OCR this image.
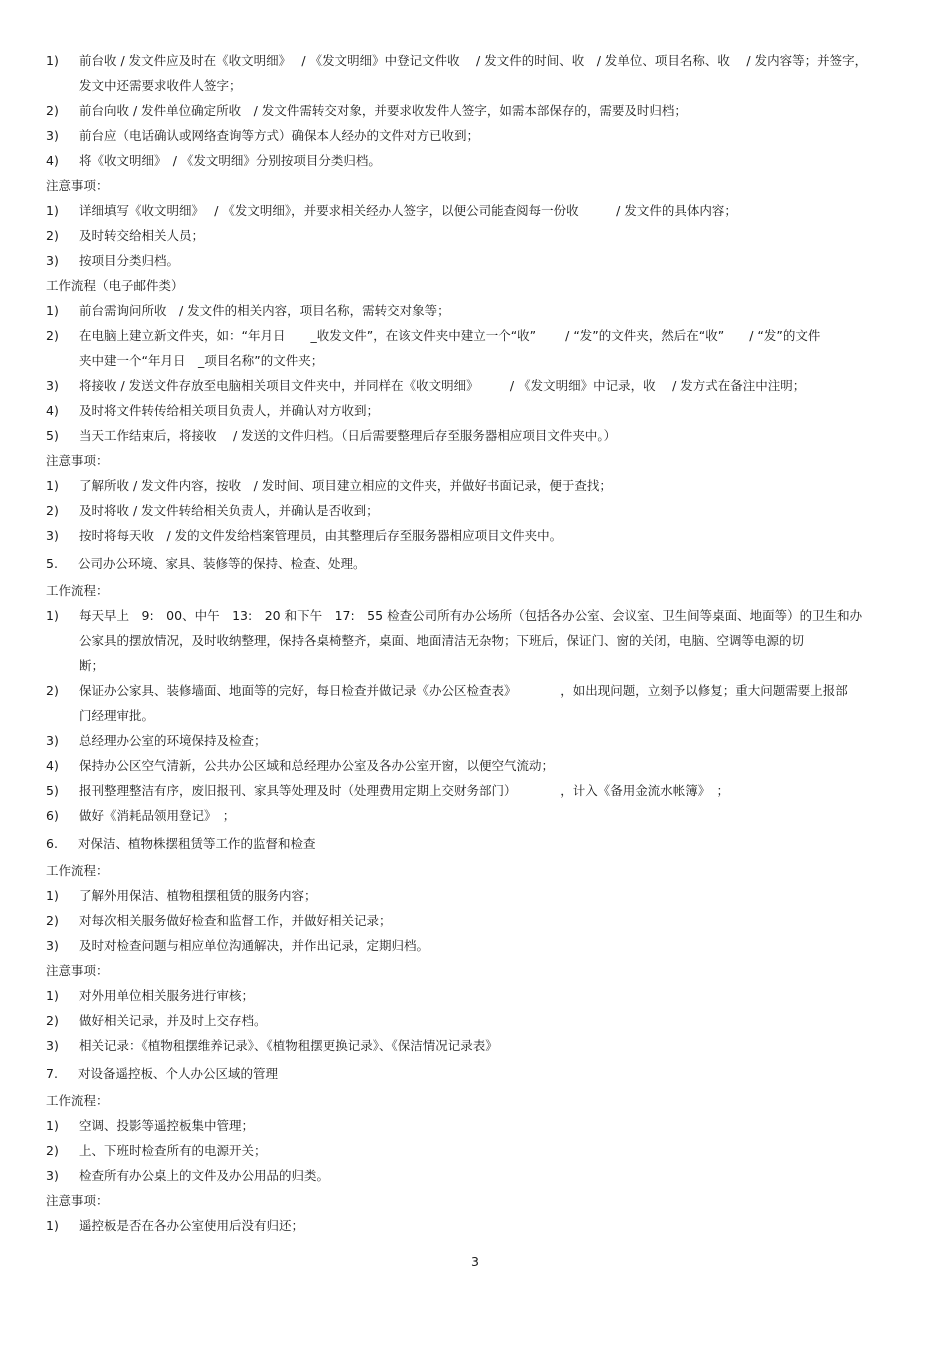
1) 前台收 / 发文件应及时在《收文明细》　 / 《发文明细》中登记文件收　 / 发文件的时间、收　/ 发单位、项目名称、收　 / 发内容等；并签字，
发文中还需要求收件人签字；
2) 前台向收 / 发件单位确定所收　/ 发文件需转交对象，并要求收发件人签字，如需本部保存的，需要及时归档；
3) 前台应（电话确认或网络查询等方式）确保本人经办的文件对方已收到；
4) 将《收文明细》　/ 《发文明细》分别按项目分类归档。
注意事项：
1) 详细填写《收文明细》　 / 《发文明细》，并要求相关经办人签字，以便公司能查阅每一份收　　　/ 发文件的具体内容；
2) 及时转交给相关人员；
3) 按项目分类归档。
工作流程（电子邮件类）
1) 前台需询问所收　/ 发文件的相关内容，项目名称，需转交对象等；
2) 在电脑上建立新文件夹，如：“年月日　　_收发文件”，在该文件夹中建立一个“收”　　 / “发”的文件夹，然后在“收”　　/ “发”的文件
夹中建一个“年月日　_项目名称”的文件夹；
3) 将接收 / 发送文件存放至电脑相关项目文件夹中，并同样在《收文明细》　　　/ 《发文明细》中记录，收　 / 发方式在备注中注明；
4) 及时将文件转传给相关项目负责人，并确认对方收到；
5) 当天工作结束后，将接收　 / 发送的文件归档。（日后需要整理后存至服务器相应项目文件夹中。）
注意事项：
1) 了解所收 / 发文件内容，按收　/ 发时间、项目建立相应的文件夹，并做好书面记录，便于查找；
2) 及时将收 / 发文件转给相关负责人，并确认是否收到；
3) 按时将每天收　/ 发的文件发给档案管理员，由其整理后存至服务器相应项目文件夹中。
5. 公司办公环境、家具、装修等的保持、检查、处理。
工作流程：
1) 每天早上　9:　00、中午　13:　20 和下午　17:　55 检查公司所有办公场所（包括各办公室、会议室、卫生间等桌面、地面等）的卫生和办
公家具的摆放情况，及时收纳整理，保持各桌椅整齐，桌面、地面清洁无杂物；下班后，保证门、窗的关闭，电脑、空调等电源的切
断；
2) 保证办公家具、装修墙面、地面等的完好，每日检查并做记录《办公区检查表》　　　　，如出现问题，立刻予以修复；重大问题需要上报部
门经理审批。
3) 总经理办公室的环境保持及检查；
4) 保持办公区空气清新，公共办公区域和总经理办公室及各办公室开窗，以便空气流动；
5) 报刊整理整洁有序，废旧报刊、家具等处理及时（处理费用定期上交财务部门）　　　　，计入《备用金流水帐簿》　；
6) 做好《消耗品领用登记》　；
6. 对保洁、植物株摆租赁等工作的监督和检查
工作流程：
1) 了解外用保洁、植物租摆租赁的服务内容；
2) 对每次相关服务做好检查和监督工作，并做好相关记录；
3) 及时对检查问题与相应单位沟通解决，并作出记录，定期归档。
注意事项：
1) 对外用单位相关服务进行审核；
2) 做好相关记录，并及时上交存档。
3) 相关记录：《植物租摆维养记录》、《植物租摆更换记录》、《保洁情况记录表》
7. 对设备遥控板、个人办公区域的管理
工作流程：
1) 空调、投影等遥控板集中管理；
2) 上、下班时检查所有的电源开关；
3) 检查所有办公桌上的文件及办公用品的归类。
注意事项：
1) 遥控板是否在各办公室使用后没有归还；
3
